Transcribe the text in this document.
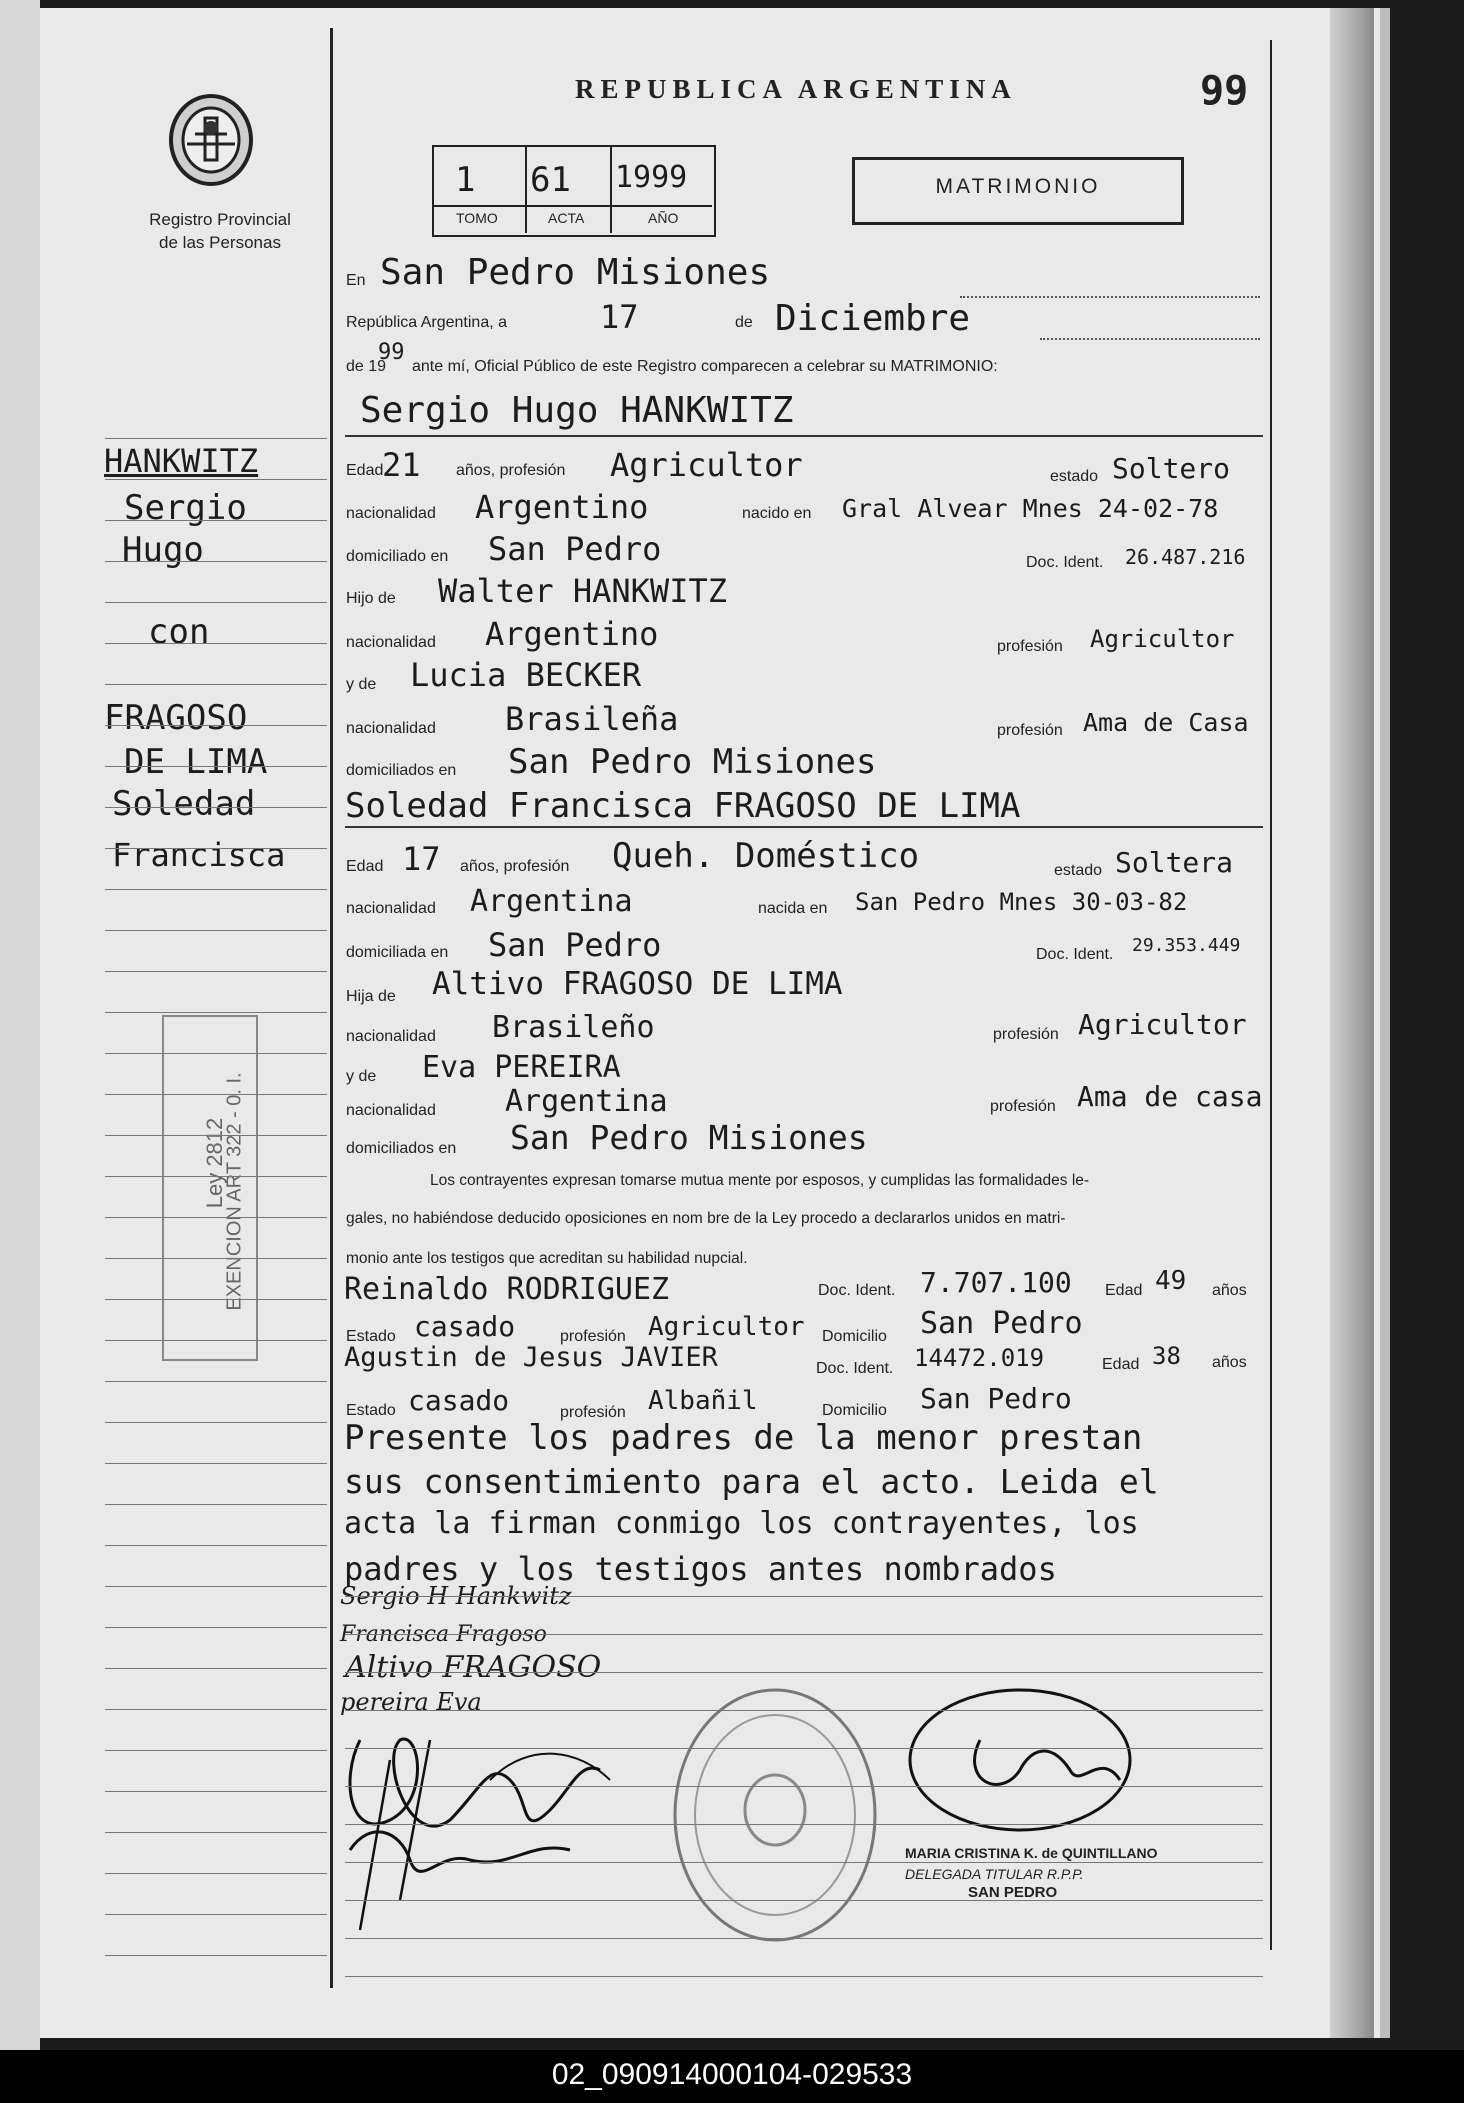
Registro Provincial
de las Personas
REPUBLICA ARGENTINA	99
1 61 1999
TOMO	ACTA	AÑO
MATRIMONIO
En San Pedro Misiones
República Argentina, a	17	de Diciembre
de 19
99
ante mí, Oficial Público de este Registro comparecen a celebrar su MATRIMONIO:
Sergio Hugo HANKWITZ
Edad
21 años, profesión Agricultor	estado Soltero
nacionalidad Argentino	nacido en Gral Alvear Mnes 24-02-78
domiciliado en San Pedro	Doc. Ident. 26.487.216
Hijo de Walter HANKWITZ
nacionalidad Argentino	profesión Agricultor
y de Lucia BECKER
nacionalidad Brasileña	profesión Ama de Casa
domiciliados en San Pedro Misiones
Soledad Francisca FRAGOSO DE LIMA
Edad 17 años, profesión Queh. Doméstico	estado Soltera
nacionalidad Argentina	nacida en San Pedro Mnes 30-03-82
domiciliada en San Pedro	Doc. Ident. 29.353.449
Hija de Altivo FRAGOSO DE LIMA
nacionalidad Brasileño	profesión Agricultor
y de Eva PEREIRA
nacionalidad Argentina	profesión Ama de casa
domiciliados en San Pedro Misiones
Los contrayentes expresan tomarse mutua mente por esposos, y cumplidas las formalidades le-
gales, no habiéndose deducido oposiciones en nom bre de la Ley procedo a declararlos unidos en matri-
monio ante los testigos que acreditan su habilidad nupcial.
Reinaldo RODRIGUEZ	Doc. Ident. 7.707.100 Edad 49 años
Estado casado	profesión Agricultor Domicilio San Pedro
Agustin de Jesus JAVIER	Doc. Ident. 14472.019	Edad 38 años
Estado casado	profesión Albañil	Domicilio San Pedro
Presente los padres de la menor prestan
sus consentimiento para el acto. Leida el
acta la firman conmigo los contrayentes, los
padres y los testigos antes nombrados
Sergio H Hankwitz
Francisca Fragoso
Altivo FRAGOSO
pereira Eva
MARIA CRISTINA K. de QUINTILLANO
DELEGADA TITULAR R.P.P.
SAN PEDRO
Ley 2812
EXENCION ART 322 - 0. I.
HANKWITZ
Sergio
Hugo
con
FRAGOSO
DE LIMA
Soledad
Francisca
02_090914000104-029533
